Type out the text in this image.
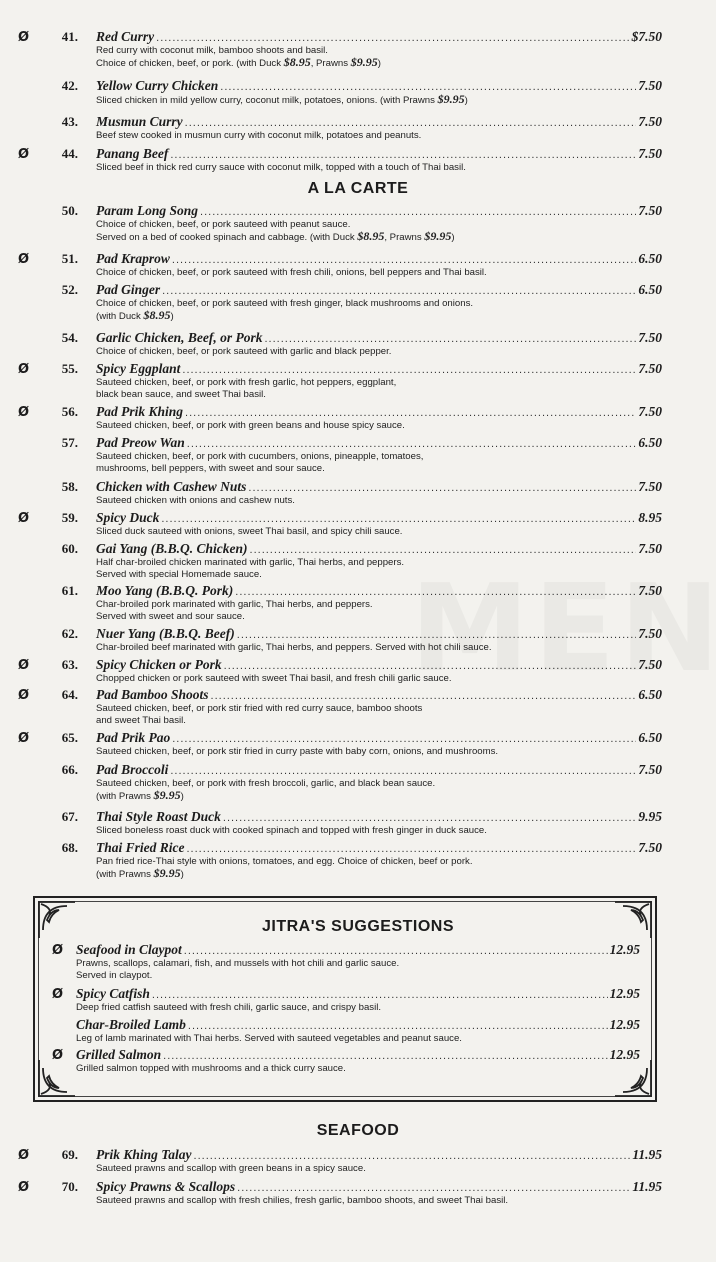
Ø	41.	Red Curry .....	$7.50
Red curry with coconut milk, bamboo shoots and basil.
Choice of chicken, beef, or pork. (with Duck $8.95, Prawns $9.95)
42.	Yellow Curry Chicken .....	7.50
Sliced chicken in mild yellow curry, coconut milk, potatoes, onions. (with Prawns $9.95)
43.	Musmun Curry .....	7.50
Beef stew cooked in musmun curry with coconut milk, potatoes and peanuts.
Ø	44.	Panang Beef .....	7.50
Sliced beef in thick red curry sauce with coconut milk, topped with a touch of Thai basil.
A LA CARTE
50.	Param Long Song .....	7.50
Choice of chicken, beef, or pork sauteed with peanut sauce.
Served on a bed of cooked spinach and cabbage. (with Duck $8.95, Prawns $9.95)
Ø	51.	Pad Kraprow .....	6.50
Choice of chicken, beef, or pork sauteed with fresh chili, onions, bell peppers and Thai basil.
52.	Pad Ginger .....	6.50
Choice of chicken, beef, or pork sauteed with fresh ginger, black mushrooms and onions.
(with Duck $8.95)
54.	Garlic Chicken, Beef, or Pork .....	7.50
Choice of chicken, beef, or pork sauteed with garlic and black pepper.
Ø	55.	Spicy Eggplant .....	7.50
Sauteed chicken, beef, or pork with fresh garlic, hot peppers, eggplant,
black bean sauce, and sweet Thai basil.
Ø	56.	Pad Prik Khing .....	7.50
Sauteed chicken, beef, or pork with green beans and house spicy sauce.
57.	Pad Preow Wan .....	6.50
Sauteed chicken, beef, or pork with cucumbers, onions, pineapple, tomatoes,
mushrooms, bell peppers, with sweet and sour sauce.
58.	Chicken with Cashew Nuts .....	7.50
Sauteed chicken with onions and cashew nuts.
Ø	59.	Spicy Duck .....	8.95
Sliced duck sauteed with onions, sweet Thai basil, and spicy chili sauce.
60.	Gai Yang (B.B.Q. Chicken) .....	7.50
Half char-broiled chicken marinated with garlic, Thai herbs, and peppers.
Served with special Homemade sauce.
61.	Moo Yang (B.B.Q. Pork) .....	7.50
Char-broiled pork marinated with garlic, Thai herbs, and peppers.
Served with sweet and sour sauce.
62.	Nuer Yang (B.B.Q. Beef) .....	7.50
Char-broiled beef marinated with garlic, Thai herbs, and peppers. Served with hot chili sauce.
Ø	63.	Spicy Chicken or Pork .....	7.50
Chopped chicken or pork sauteed with sweet Thai basil, and fresh chili garlic sauce.
Ø	64.	Pad Bamboo Shoots .....	6.50
Sauteed chicken, beef, or pork stir fried with red curry sauce, bamboo shoots
and sweet Thai basil.
Ø	65.	Pad Prik Pao .....	6.50
Sauteed chicken, beef, or pork stir fried in curry paste with baby corn, onions, and mushrooms.
66.	Pad Broccoli .....	7.50
Sauteed chicken, beef, or pork with fresh broccoli, garlic, and black bean sauce.
(with Prawns $9.95)
67.	Thai Style Roast Duck .....	9.95
Sliced boneless roast duck with cooked spinach and topped with fresh ginger in duck sauce.
68.	Thai Fried Rice .....	7.50
Pan fried rice-Thai style with onions, tomatoes, and egg. Choice of chicken, beef or pork.
(with Prawns $9.95)
JITRA'S SUGGESTIONS
Ø Seafood in Claypot .....	12.95
Prawns, scallops, calamari, fish, and mussels with hot chili and garlic sauce.
Served in claypot.
Ø Spicy Catfish .....	12.95
Deep fried catfish sauteed with fresh chili, garlic sauce, and crispy basil.
Char-Broiled Lamb .....	12.95
Leg of lamb marinated with Thai herbs. Served with sauteed vegetables and peanut sauce.
Ø Grilled Salmon .....	12.95
Grilled salmon topped with mushrooms and a thick curry sauce.
SEAFOOD
Ø	69.	Prik Khing Talay .....	11.95
Sauteed prawns and scallop with green beans in a spicy sauce.
Ø	70.	Spicy Prawns & Scallops .....	11.95
Sauteed prawns and scallop with fresh chilies, fresh garlic, bamboo shoots, and sweet Thai basil.
